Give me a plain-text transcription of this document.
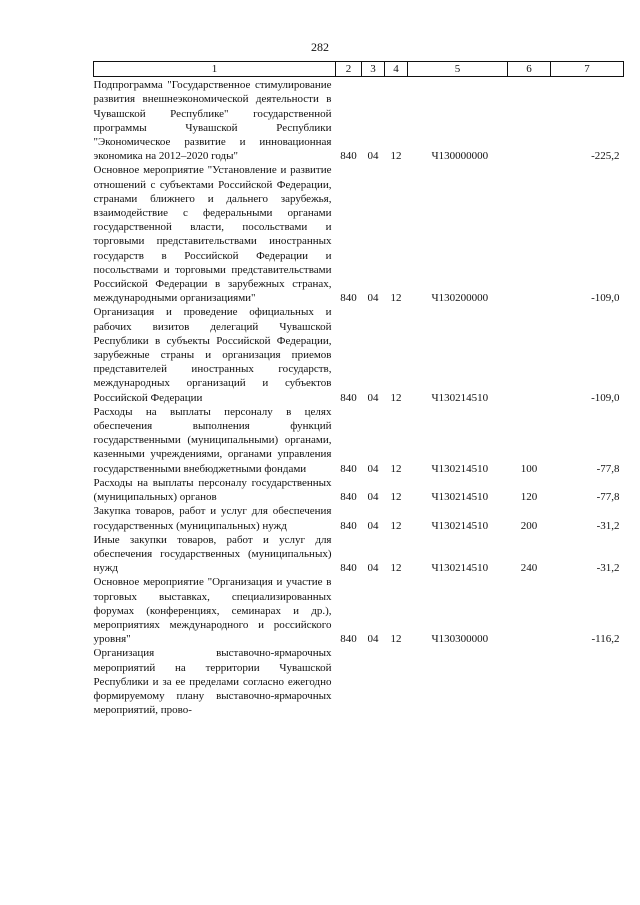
282
1	2	3	4	5	6	7
Подпрограмма "Государственное стимулирование развития внешнеэкономической деятельности в Чувашской Республике" государственной программы Чувашской Республики "Экономическое развитие и инновационная экономика на 2012–2020 годы"	840	04	12	Ч130000000		-225,2
Основное мероприятие "Установление и развитие отношений с субъектами Российской Федерации, странами ближнего и дальнего зарубежья, взаимодействие с федеральными органами государственной власти, посольствами и торговыми представительствами иностранных государств в Российской Федерации и посольствами и торговыми представительствами Российской Федерации в зарубежных странах, международными организациями"	840	04	12	Ч130200000		-109,0
Организация и проведение официальных и рабочих визитов делегаций Чувашской Республики в субъекты Российской Федерации, зарубежные страны и организация приемов представителей иностранных государств, международных организаций и субъектов Российской Федерации	840	04	12	Ч130214510		-109,0
Расходы на выплаты персоналу в целях обеспечения выполнения функций государственными (муниципальными) органами, казенными учреждениями, органами управления государственными внебюджетными фондами	840	04	12	Ч130214510	100	-77,8
Расходы на выплаты персоналу государственных (муниципальных) органов	840	04	12	Ч130214510	120	-77,8
Закупка товаров, работ и услуг для обеспечения государственных (муниципальных) нужд	840	04	12	Ч130214510	200	-31,2
Иные закупки товаров, работ и услуг для обеспечения государственных (муниципальных) нужд	840	04	12	Ч130214510	240	-31,2
Основное мероприятие "Организация и участие в торговых выставках, специализированных форумах (конференциях, семинарах и др.), мероприятиях международного и российского уровня"	840	04	12	Ч130300000		-116,2
Организация выставочно-ярмарочных мероприятий на территории Чувашской Республики и за ее пределами согласно ежегодно формируемому плану выставочно-ярмарочных мероприятий, прово-						
